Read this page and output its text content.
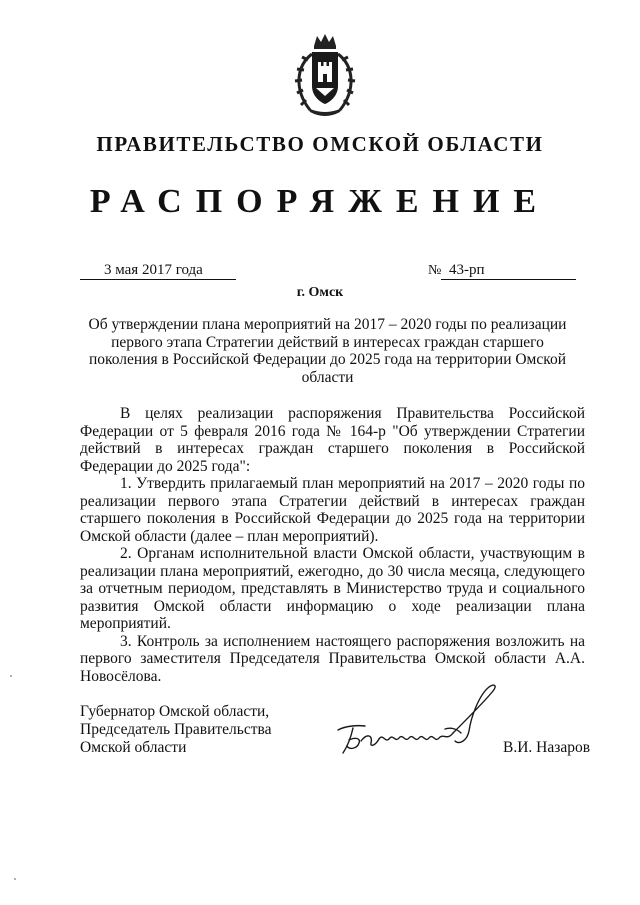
ПРАВИТЕЛЬСТВО ОМСКОЙ ОБЛАСТИ
РАСПОРЯЖЕНИЕ
3 мая 2017 года	№ 43-рп
г. Омск
Об утверждении плана мероприятий на 2017 – 2020 годы по реализации первого этапа Стратегии действий в интересах граждан старшего поколения в Российской Федерации до 2025 года на территории Омской области

В целях реализации распоряжения Правительства Российской Федерации от 5 февраля 2016 года № 164-р "Об утверждении Стратегии действий в интересах граждан старшего поколения в Российской Федерации до 2025 года":

1. Утвердить прилагаемый план мероприятий на 2017 – 2020 годы по реализации первого этапа Стратегии действий в интересах граждан старшего поколения в Российской Федерации до 2025 года на территории Омской области (далее – план мероприятий).

2. Органам исполнительной власти Омской области, участвующим в реализации плана мероприятий, ежегодно, до 30 числа месяца, следующего за отчетным периодом, представлять в Министерство труда и социального развития Омской области информацию о ходе реализации плана мероприятий.

3. Контроль за исполнением настоящего распоряжения возложить на первого заместителя Председателя Правительства Омской области А.А. Новосёлова.

Губернатор Омской области,
Председатель Правительства
Омской области	В.И. Назаров
